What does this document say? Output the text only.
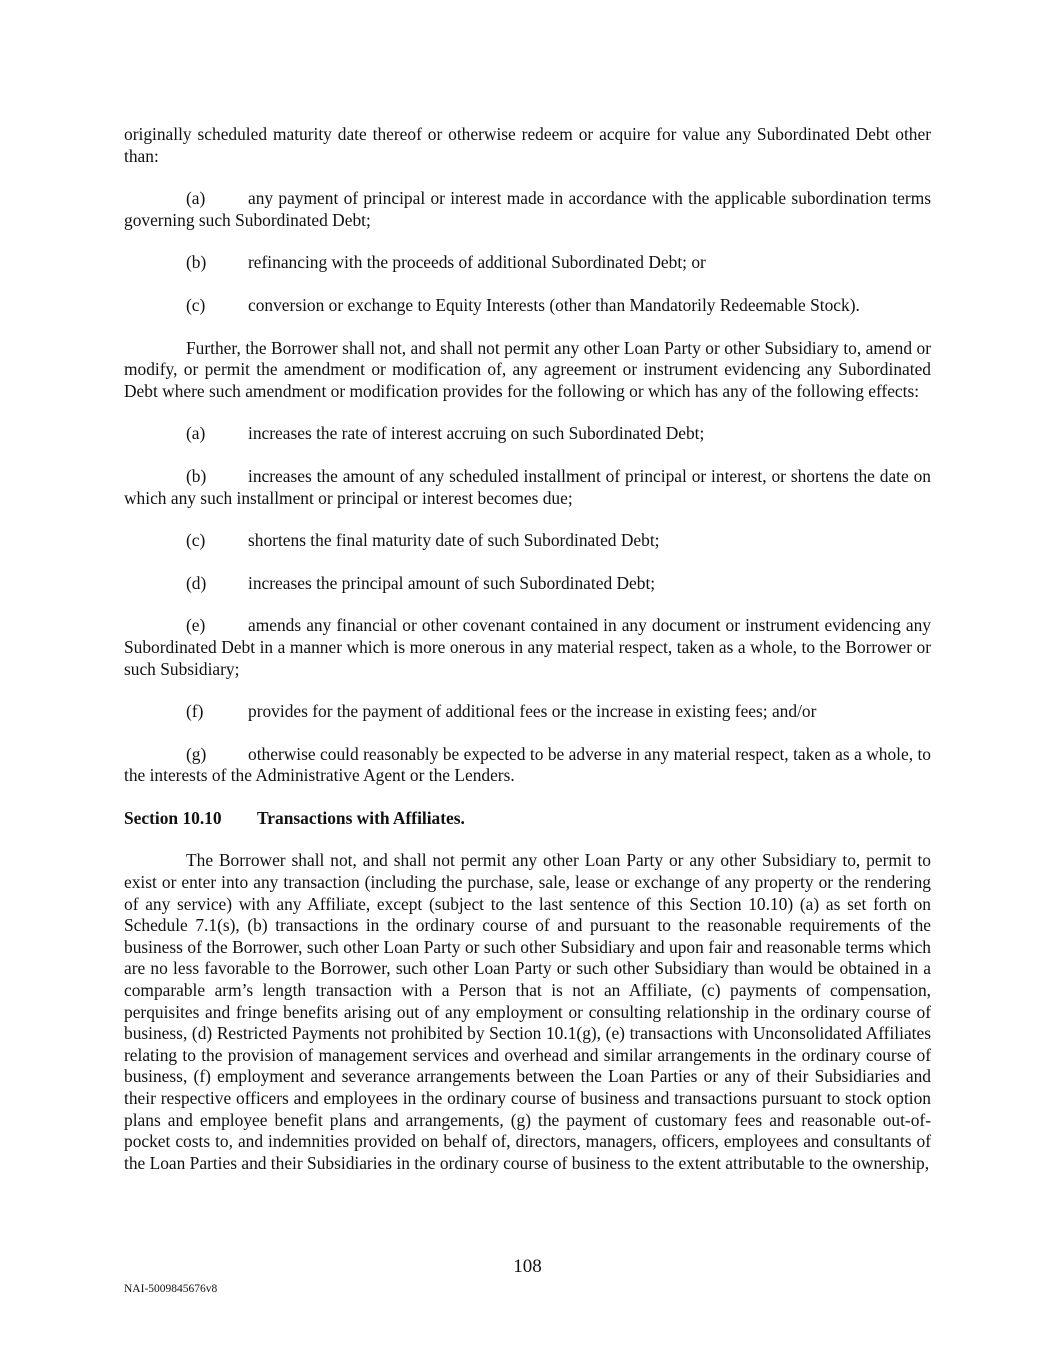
originally scheduled maturity date thereof or otherwise redeem or acquire for value any Subordinated Debt other than:

(a) any payment of principal or interest made in accordance with the applicable subordination terms governing such Subordinated Debt;

(b) refinancing with the proceeds of additional Subordinated Debt; or

(c) conversion or exchange to Equity Interests (other than Mandatorily Redeemable Stock).

Further, the Borrower shall not, and shall not permit any other Loan Party or other Subsidiary to, amend or modify, or permit the amendment or modification of, any agreement or instrument evidencing any Subordinated Debt where such amendment or modification provides for the following or which has any of the following effects:

(a) increases the rate of interest accruing on such Subordinated Debt;

(b) increases the amount of any scheduled installment of principal or interest, or shortens the date on which any such installment or principal or interest becomes due;

(c) shortens the final maturity date of such Subordinated Debt;

(d) increases the principal amount of such Subordinated Debt;

(e) amends any financial or other covenant contained in any document or instrument evidencing any Subordinated Debt in a manner which is more onerous in any material respect, taken as a whole, to the Borrower or such Subsidiary;

(f)	provides for the payment of additional fees or the increase in existing fees; and/or

(g) otherwise could reasonably be expected to be adverse in any material respect, taken as a whole, to the interests of the Administrative Agent or the Lenders.

Section 10.10 Transactions with Affiliates.

The Borrower shall not, and shall not permit any other Loan Party or any other Subsidiary to, permit to exist or enter into any transaction (including the purchase, sale, lease or exchange of any property or the rendering of any service) with any Affiliate, except (subject to the last sentence of this Section 10.10) (a) as set forth on Schedule 7.1(s), (b) transactions in the ordinary course of and pursuant to the reasonable requirements of the business of the Borrower, such other Loan Party or such other Subsidiary and upon fair and reasonable terms which are no less favorable to the Borrower, such other Loan Party or such other Subsidiary than would be obtained in a comparable arm’s length transaction with a Person that is not an Affiliate, (c) payments of compensation, perquisites and fringe benefits arising out of any employment or consulting relationship in the ordinary course of business, (d) Restricted Payments not prohibited by Section 10.1(g), (e) transactions with Unconsolidated Affiliates relating to the provision of management services and overhead and similar arrangements in the ordinary course of business, (f) employment and severance arrangements between the Loan Parties or any of their Subsidiaries and their respective officers and employees in the ordinary course of business and transactions pursuant to stock option plans and employee benefit plans and arrangements, (g) the payment of customary fees and reasonable out-of-pocket costs to, and indemnities provided on behalf of, directors, managers, officers, employees and consultants of the Loan Parties and their Subsidiaries in the ordinary course of business to the extent attributable to the ownership,

108
NAI-5009845676v8
